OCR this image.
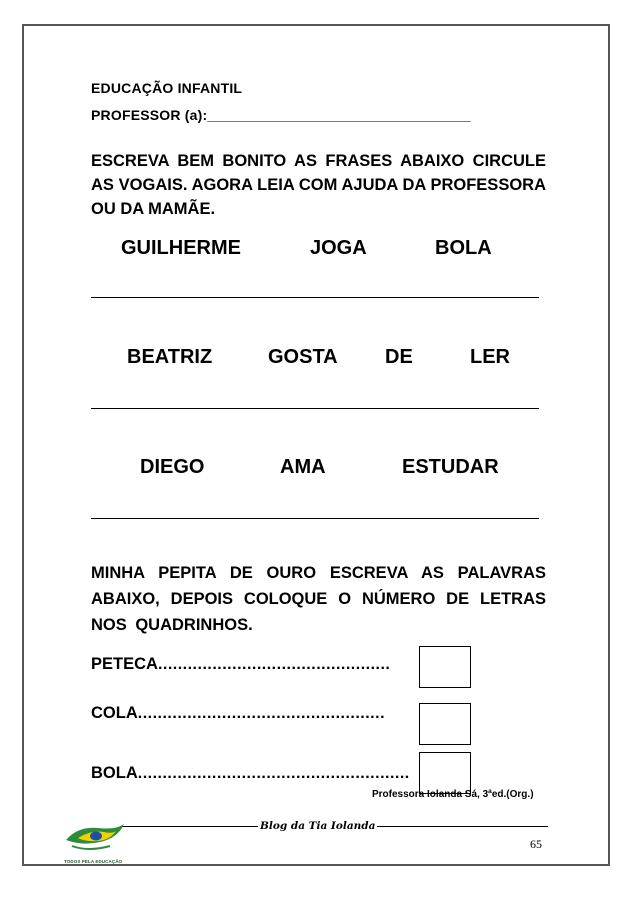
EDUCAÇÃO INFANTIL
PROFESSOR (a):_________________________________
ESCREVA BEM BONITO AS FRASES ABAIXO CIRCULE AS VOGAIS. AGORA LEIA COM AJUDA DA PROFESSORA OU DA MAMÃE.
GUILHERME	JOGA	BOLA
BEATRIZ	GOSTA DE	LER
DIEGO	AMA	ESTUDAR
MINHA PEPITA DE OURO ESCREVA AS PALAVRAS ABAIXO, DEPOIS COLOQUE O NÚMERO DE LETRAS NOS QUADRINHOS.
PETECA...............................................
COLA..................................................
BOLA.......................................................
Professora Iolanda Sá, 3ªed.(Org.)
Blog da Tia Iolanda
65
TODOS PELA EDUCAÇÃO
